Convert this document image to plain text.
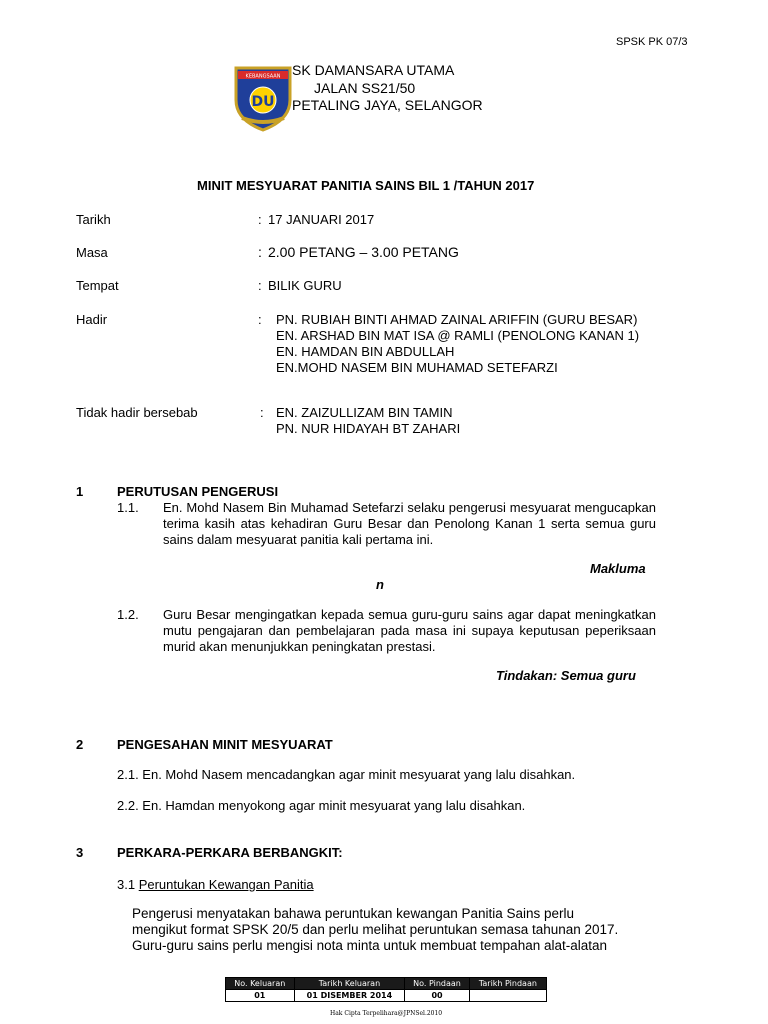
SPSK PK 07/3
KEBANGSAAN
DU
SK DAMANSARA UTAMA
JALAN SS21/50
PETALING JAYA, SELANGOR
MINIT MESYUARAT PANITIA SAINS BIL 1 /TAHUN 2017
Tarikh	: 17 JANUARI 2017
Masa	: 2.00 PETANG – 3.00 PETANG
Tempat	: BILIK GURU
Hadir	: PN. RUBIAH BINTI AHMAD ZAINAL ARIFFIN (GURU BESAR)
EN. ARSHAD BIN MAT ISA @ RAMLI (PENOLONG KANAN 1)
EN. HAMDAN BIN ABDULLAH
EN.MOHD NASEM BIN MUHAMAD SETEFARZI
Tidak hadir bersebab	: EN. ZAIZULLIZAM BIN TAMIN
PN. NUR HIDAYAH BT ZAHARI
1	PERUTUSAN PENGERUSI
1.1. En. Mohd Nasem Bin Muhamad Setefarzi selaku pengerusi mesyuarat mengucapkan terima kasih atas kehadiran Guru Besar dan Penolong Kanan 1 serta semua guru sains dalam mesyuarat panitia kali pertama ini.
Makluma
n
1.2. Guru Besar mengingatkan kepada semua guru-guru sains agar dapat meningkatkan mutu pengajaran dan pembelajaran pada masa ini supaya keputusan peperiksaan murid akan menunjukkan peningkatan prestasi.
Tindakan: Semua guru
2	PENGESAHAN MINIT MESYUARAT
2.1. En. Mohd Nasem mencadangkan agar minit mesyuarat yang lalu disahkan.
2.2. En. Hamdan menyokong agar minit mesyuarat yang lalu disahkan.
3	PERKARA-PERKARA BERBANGKIT:
3.1 Peruntukan Kewangan Panitia
Pengerusi menyatakan bahawa peruntukan kewangan Panitia Sains perlu
mengikut format SPSK 20/5 dan perlu melihat peruntukan semasa tahunan 2017.
Guru-guru sains perlu mengisi nota minta untuk membuat tempahan alat-alatan
No. Keluaran	Tarikh Keluaran	No. Pindaan	Tarikh Pindaan
01	01 DISEMBER 2014	00	
Hak Cipta Terpelihara@JPNSel.2010
